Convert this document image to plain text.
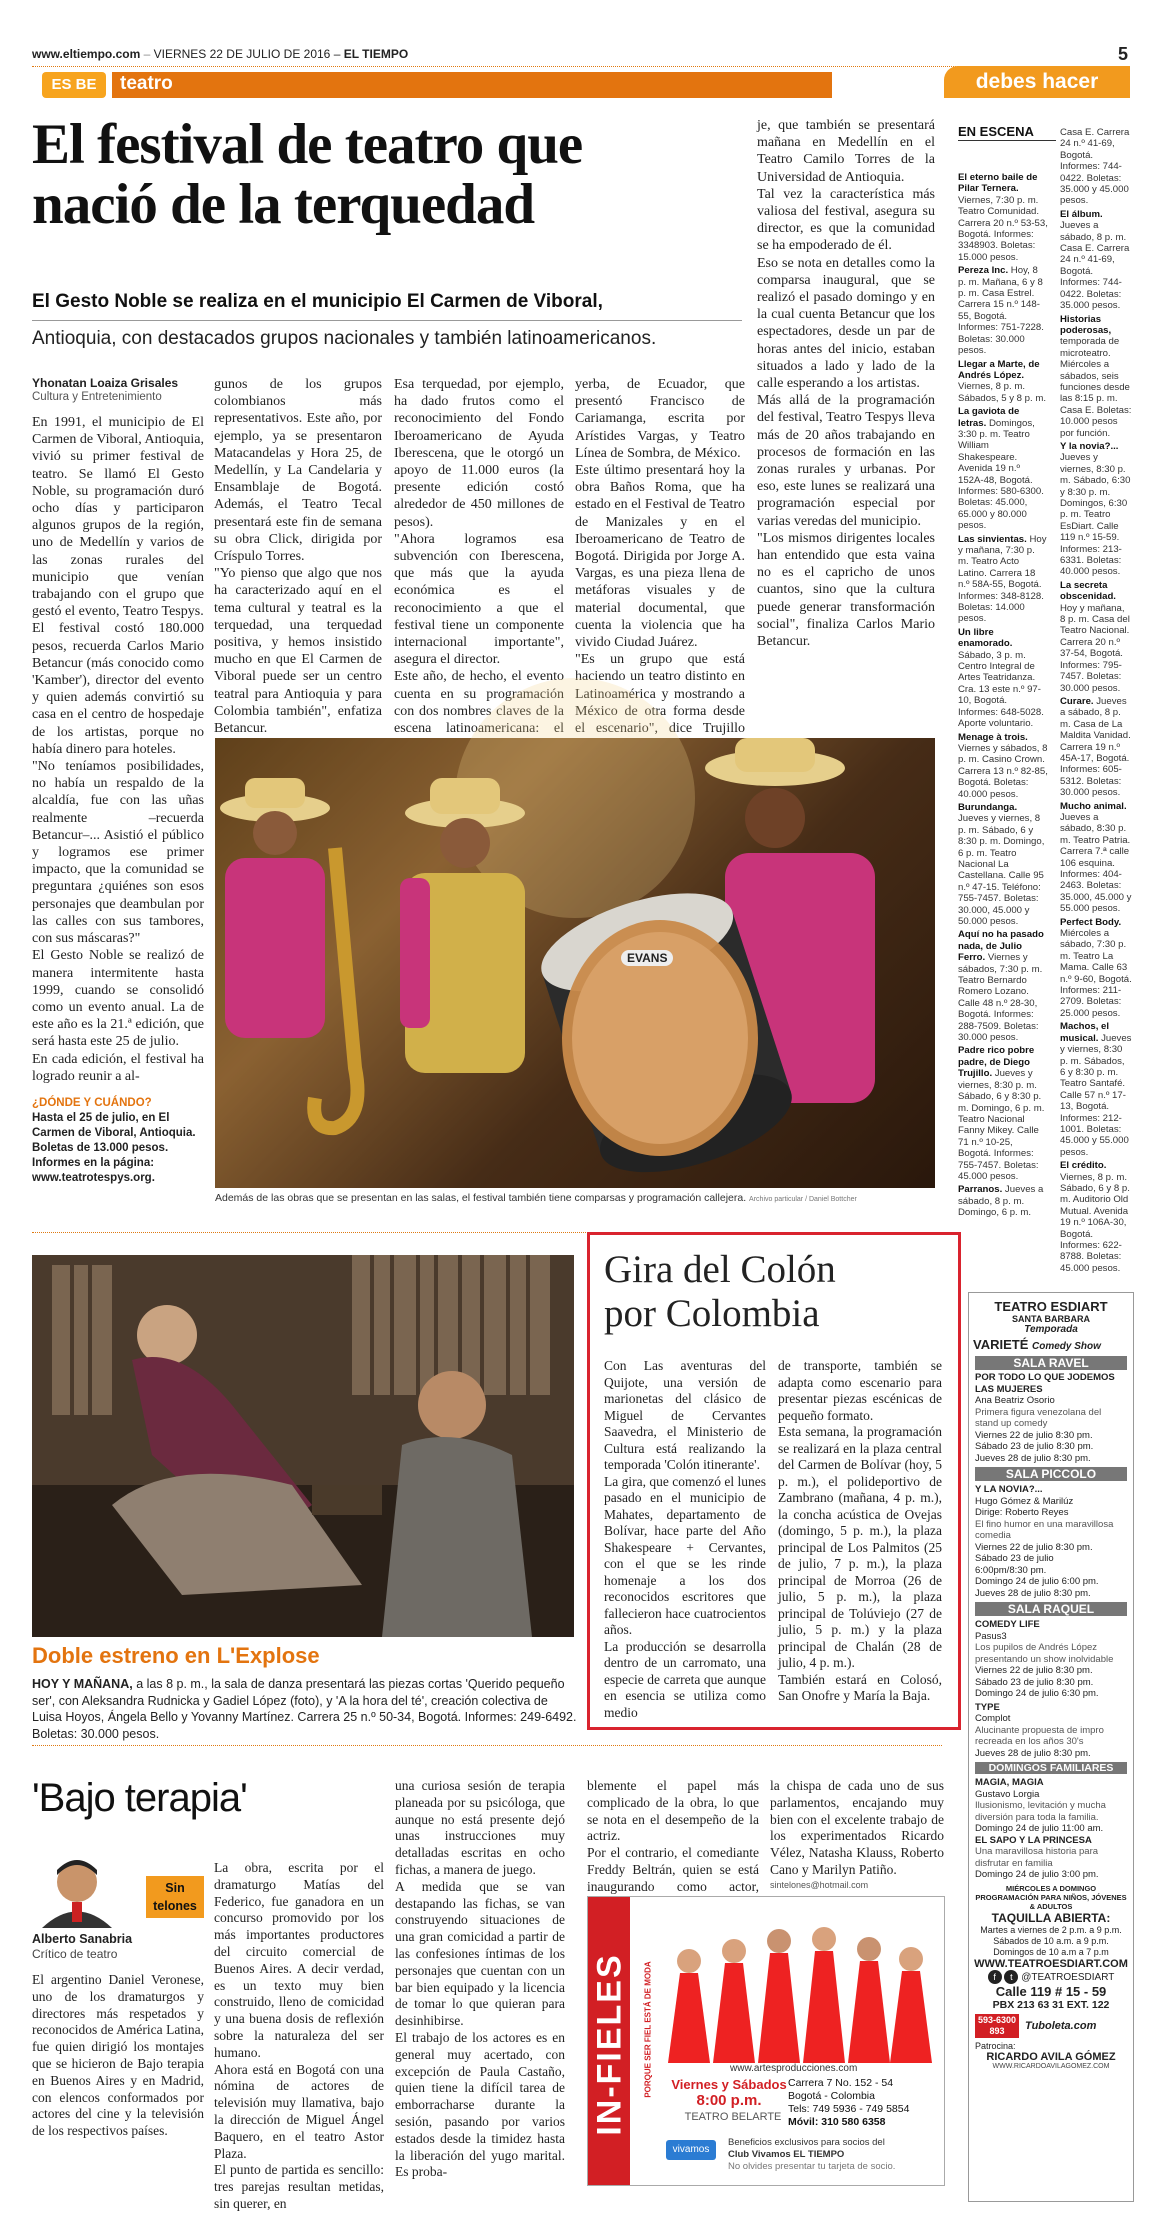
www.eltiempo.com – VIERNES 22 DE JULIO DE 2016 – EL TIEMPO	5
ES BE	teatro	debes hacer
El festival de teatro que
nació de la terquedad
El Gesto Noble se realiza en el municipio El Carmen de Viboral,
Antioquia, con destacados grupos nacionales y también latinoamericanos.
Yhonatan Loaiza Grisales
Cultura y Entretenimiento
En 1991, el municipio de El Carmen de Viboral, Antioquia, vivió su primer festival de teatro. Se llamó El Gesto Noble, su programación duró ocho días y participaron algunos grupos de la región, uno de Medellín y varios de las zonas rurales del municipio que venían trabajando con el grupo que gestó el evento, Teatro Tespys.
El festival costó 180.000 pesos, recuerda Carlos Mario Betancur (más conocido como 'Kamber'), director del evento y quien además convirtió su casa en el centro de hospedaje de los artistas, porque no había dinero para hoteles.
"No teníamos posibilidades, no había un respaldo de la alcaldía, fue con las uñas realmente –recuerda Betancur–... Asistió el público y logramos ese primer impacto, que la comunidad se preguntara ¿quiénes son esos personajes que deambulan por las calles con sus tambores, con sus máscaras?"
El Gesto Noble se realizó de manera intermitente hasta 1999, cuando se consolidó como un evento anual. La de este año es la 21.ª edición, que será hasta este 25 de julio.
En cada edición, el festival ha logrado reunir a al-
¿DÓNDE Y CUÁNDO?
Hasta el 25 de julio, en El Carmen de Viboral, Antioquia. Boletas de 13.000 pesos. Informes en la página: www.teatrotespys.org.
gunos de los grupos colombianos más representativos. Este año, por ejemplo, ya se presentaron Matacandelas y Hora 25, de Medellín, y La Candelaria y Ensamblaje de Bogotá. Además, el Teatro Tecal presentará este fin de semana su obra Click, dirigida por Críspulo Torres.
"Yo pienso que algo que nos ha caracterizado aquí en el tema cultural y teatral es la terquedad, una terquedad positiva, y hemos insistido mucho en que El Carmen de Viboral puede ser un centro teatral para Antioquia y para Colombia también", enfatiza Betancur.
Esa terquedad, por ejemplo, ha dado frutos como el reconocimiento del Fondo Iberoamericano de Ayuda Iberescena, que le otorgó un apoyo de 11.000 euros (la presente edición costó alrededor de 450 millones de pesos).
"Ahora logramos esa subvención con Iberescena, que más que la ayuda económica es el reconocimiento a que el festival tiene un componente internacional importante", asegura el director.
Este año, de hecho, el evento cuenta en su programación con dos nombres claves de la escena latinoamericana: el
yerba, de Ecuador, que presentó Francisco de Cariamanga, escrita por Arístides Vargas, y Teatro Línea de Sombra, de México.
Este último presentará hoy la obra Baños Roma, que ha estado en el Festival de Teatro de Manizales y en el Iberoamericano de Teatro de Bogotá. Dirigida por Jorge A. Vargas, es una pieza llena de metáforas visuales y de material documental, que cuenta la violencia que ha vivido Ciudad Juárez.
"Es un grupo que está haciendo un teatro distinto en Latinoamérica y mostrando a México de otra forma desde el escenario", dice Trujillo
je, que también se presentará mañana en Medellín en el Teatro Camilo Torres de la Universidad de Antioquia.
Tal vez la característica más valiosa del festival, asegura su director, es que la comunidad se ha empoderado de él.
Eso se nota en detalles como la comparsa inaugural, que se realizó el pasado domingo y en la cual cuenta Betancur que los espectadores, desde un par de horas antes del inicio, estaban situados a lado y lado de la calle esperando a los artistas.
Más allá de la programación del festival, Teatro Tespys lleva más de 20 años trabajando en procesos de formación en las zonas rurales y urbanas. Por eso, este lunes se realizará una programación especial por varias veredas del municipio.
"Los mismos dirigentes locales han entendido que esta vaina no es el capricho de unos cuantos, sino que la cultura puede generar transformación social", finaliza Carlos Mario Betancur.
EVANS
Además de las obras que se presentan en las salas, el festival también tiene comparsas y programación callejera. Archivo particular / Daniel Bottcher
EN ESCENA
El eterno baile de Pilar Ternera. Viernes, 7:30 p. m. Teatro Comunidad. Carrera 20 n.º 53-53, Bogotá. Informes: 3348903. Boletas: 15.000 pesos.
Pereza Inc. Hoy, 8 p. m. Mañana, 6 y 8 p. m. Casa Estrel. Carrera 15 n.º 148-55, Bogotá. Informes: 751-7228. Boletas: 30.000 pesos.
Llegar a Marte, de Andrés López. Viernes, 8 p. m. Sábados, 5 y 8 p. m.
La gaviota de letras. Domingos, 3:30 p. m. Teatro William Shakespeare. Avenida 19 n.º 152A-48, Bogotá. Informes: 580-6300. Boletas: 45.000, 65.000 y 80.000 pesos.
Las sinvientas. Hoy y mañana, 7:30 p. m. Teatro Acto Latino. Carrera 18 n.º 58A-55, Bogotá. Informes: 348-8128. Boletas: 14.000 pesos.
Un libre enamorado. Sábado, 3 p. m. Centro Integral de Artes Teatridanza. Cra. 13 este n.º 97-10, Bogotá. Informes: 648-5028. Aporte voluntario.
Menage à trois. Viernes y sábados, 8 p. m. Casino Crown. Carrera 13 n.º 82-85, Bogotá. Boletas: 40.000 pesos.
Burundanga. Jueves y viernes, 8 p. m. Sábado, 6 y 8:30 p. m. Domingo, 6 p. m. Teatro Nacional La Castellana. Calle 95 n.º 47-15. Teléfono: 755-7457. Boletas: 30.000, 45.000 y 50.000 pesos.
Aquí no ha pasado nada, de Julio Ferro. Viernes y sábados, 7:30 p. m. Teatro Bernardo Romero Lozano. Calle 48 n.º 28-30, Bogotá. Informes: 288-7509. Boletas: 30.000 pesos.
Padre rico pobre padre, de Diego Trujillo. Jueves y viernes, 8:30 p. m. Sábado, 6 y 8:30 p. m. Domingo, 6 p. m. Teatro Nacional Fanny Mikey. Calle 71 n.º 10-25, Bogotá. Informes: 755-7457. Boletas: 45.000 pesos.
Parranos. Jueves a sábado, 8 p. m. Domingo, 6 p. m.
Casa E. Carrera 24 n.º 41-69, Bogotá. Informes: 744-0422. Boletas: 35.000 y 45.000 pesos.
El álbum. Jueves a sábado, 8 p. m. Casa E. Carrera 24 n.º 41-69, Bogotá. Informes: 744-0422. Boletas: 35.000 pesos.
Historias poderosas, temporada de microteatro. Miércoles a sábados, seis funciones desde las 8:15 p. m. Casa E. Boletas: 10.000 pesos por función.
Y la novia?... Jueves y viernes, 8:30 p. m. Sábado, 6:30 y 8:30 p. m. Domingos, 6:30 p. m. Teatro EsDiart. Calle 119 n.º 15-59. Informes: 213-6331. Boletas: 40.000 pesos.
La secreta obscenidad. Hoy y mañana, 8 p. m. Casa del Teatro Nacional. Carrera 20 n.º 37-54, Bogotá. Informes: 795-7457. Boletas: 30.000 pesos.
Curare. Jueves a sábado, 8 p. m. Casa de La Maldita Vanidad. Carrera 19 n.º 45A-17, Bogotá. Informes: 605-5312. Boletas: 30.000 pesos.
Mucho animal. Jueves a sábado, 8:30 p. m. Teatro Patria. Carrera 7.ª calle 106 esquina. Informes: 404-2463. Boletas: 35.000, 45.000 y 55.000 pesos.
Perfect Body. Miércoles a sábado, 7:30 p. m. Teatro La Mama. Calle 63 n.º 9-60, Bogotá. Informes: 211-2709. Boletas: 25.000 pesos.
Machos, el musical. Jueves y viernes, 8:30 p. m. Sábados, 6 y 8:30 p. m. Teatro Santafé. Calle 57 n.º 17-13, Bogotá. Informes: 212-1001. Boletas: 45.000 y 55.000 pesos.
El crédito. Viernes, 8 p. m. Sábado, 6 y 8 p. m. Auditorio Old Mutual. Avenida 19 n.º 106A-30, Bogotá. Informes: 622-8788. Boletas: 45.000 pesos.
Doble estreno en L'Explose
HOY Y MAÑANA, a las 8 p. m., la sala de danza presentará las piezas cortas 'Querido pequeño ser', con Aleksandra Rudnicka y Gadiel López (foto), y 'A la hora del té', creación colectiva de Luisa Hoyos, Ángela Bello y Yovanny Martínez. Carrera 25 n.º 50-34, Bogotá. Informes: 249-6492. Boletas: 30.000 pesos.
Gira del Colón
por Colombia
Con Las aventuras del Quijote, una versión de marionetas del clásico de Miguel de Cervantes Saavedra, el Ministerio de Cultura está realizando la temporada 'Colón itinerante'.
La gira, que comenzó el lunes pasado en el municipio de Mahates, departamento de Bolívar, hace parte del Año Shakespeare + Cervantes, con el que se les rinde homenaje a los dos reconocidos escritores que fallecieron hace cuatrocientos años.
La producción se desarrolla dentro de un carromato, una especie de carreta que aunque en esencia se utiliza como medio
de transporte, también se adapta como escenario para presentar piezas escénicas de pequeño formato.
Esta semana, la programación se realizará en la plaza central del Carmen de Bolívar (hoy, 5 p. m.), el polideportivo de Zambrano (mañana, 4 p. m.), la concha acústica de Ovejas (domingo, 5 p. m.), la plaza principal de Los Palmitos (25 de julio, 7 p. m.), la plaza principal de Morroa (26 de julio, 5 p. m.), la plaza principal de Tolúviejo (27 de julio, 5 p. m.) y la plaza principal de Chalán (28 de julio, 4 p. m.).
También estará en Colosó, San Onofre y María la Baja.
'Bajo terapia'
Sin
telones
Alberto Sanabria
Crítico de teatro
El argentino Daniel Veronese, uno de los dramaturgos y directores más respetados y reconocidos de América Latina, fue quien dirigió los montajes que se hicieron de Bajo terapia en Buenos Aires y en Madrid, con elencos conformados por actores del cine y la televisión de los respectivos países.
La obra, escrita por el dramaturgo Matías del Federico, fue ganadora en un concurso promovido por los más importantes productores del circuito comercial de Buenos Aires. A decir verdad, es un texto muy bien construido, lleno de comicidad y una buena dosis de reflexión sobre la naturaleza del ser humano.
Ahora está en Bogotá con una nómina de actores de televisión muy llamativa, bajo la dirección de Miguel Ángel Baquero, en el teatro Astor Plaza.
El punto de partida es sencillo: tres parejas resultan metidas, sin querer, en
una curiosa sesión de terapia planeada por su psicóloga, que aunque no está presente dejó unas instrucciones muy detalladas escritas en ocho fichas, a manera de juego.
A medida que se van destapando las fichas, se van construyendo situaciones de una gran comicidad a partir de las confesiones íntimas de los personajes que cuentan con un bar bien equipado y la licencia de tomar lo que quieran para desinhibirse.
El trabajo de los actores es en general muy acertado, con excepción de Paula Castaño, quien tiene la difícil tarea de emborracharse durante la sesión, pasando por varios estados desde la timidez hasta la liberación del yugo marital. Es proba-
blemente el papel más complicado de la obra, lo que se nota en el desempeño de la actriz.
Por el contrario, el comediante Freddy Beltrán, quien se está inaugurando como actor,
la chispa de cada uno de sus parlamentos, encajando muy bien con el excelente trabajo de los experimentados Ricardo Vélez, Natasha Klauss, Roberto Cano y Marilyn Patiño.
sintelones@hotmail.com
IN-FIELES PORQUE SER FIEL ESTÁ DE MODA	www.artesproducciones.com
Viernes y Sábados
8:00 p.m.
TEATRO BELARTE
Carrera 7 No. 152 - 54
Bogotá - Colombia
Tels: 749 5936 - 749 5854
Móvil: 310 580 6358
vivamos
Beneficios exclusivos para socios del
Club Vivamos EL TIEMPO
No olvides presentar tu tarjeta de socio.
TEATRO ESDIART
SANTA BARBARA
Temporada
VARIETÉ Comedy Show
SALA RAVEL
POR TODO LO QUE JODEMOS LAS MUJERES
Ana Beatriz Osorio
Primera figura venezolana del stand up comedy
Viernes 22 de julio 8:30 pm.
Sábado 23 de julio 8:30 pm.
Jueves 28 de julio 8:30 pm.
SALA PICCOLO
Y LA NOVIA?...
Hugo Gómez & Marilúz
Dirige: Roberto Reyes
El fino humor en una maravillosa comedia
Viernes 22 de julio 8:30 pm.
Sábado 23 de julio
6:00pm/8:30 pm.
Domingo 24 de julio 6:00 pm.
Jueves 28 de julio 8:30 pm.
SALA RAQUEL
COMEDY LIFE
Pasus3
Los pupilos de Andrés López presentando un show inolvidable
Viernes 22 de julio 8:30 pm.
Sábado 23 de julio 8:30 pm.
Domingo 24 de julio 6:30 pm.
TYPE
Complot
Alucinante propuesta de impro recreada en los años 30's
Jueves 28 de julio 8:30 pm.
DOMINGOS FAMILIARES
MAGIA, MAGIA
Gustavo Lorgia
Ilusionismo, levitación y mucha diversión para toda la familia.
Domingo 24 de julio 11:00 am.
EL SAPO Y LA PRINCESA
Una maravillosa historia para disfrutar en familia
Domingo 24 de julio 3:00 pm.
MIÉRCOLES A DOMINGO PROGRAMACIÓN PARA NIÑOS, JÓVENES & ADULTOS
TAQUILLA ABIERTA:
Martes a viernes de 2 p.m. a 9 p.m.
Sábados de 10 a.m. a 9 p.m.
Domingos de 10 a.m a 7 p.m
WWW.TEATROESDIART.COM
f t @TEATROESDIART
Calle 119 # 15 - 59
PBX 213 63 31 EXT. 122
593-6300
893	Tuboleta.com
Patrocina:
RICARDO AVILA GÓMEZ
WWW.RICARDOAVILAGOMEZ.COM
